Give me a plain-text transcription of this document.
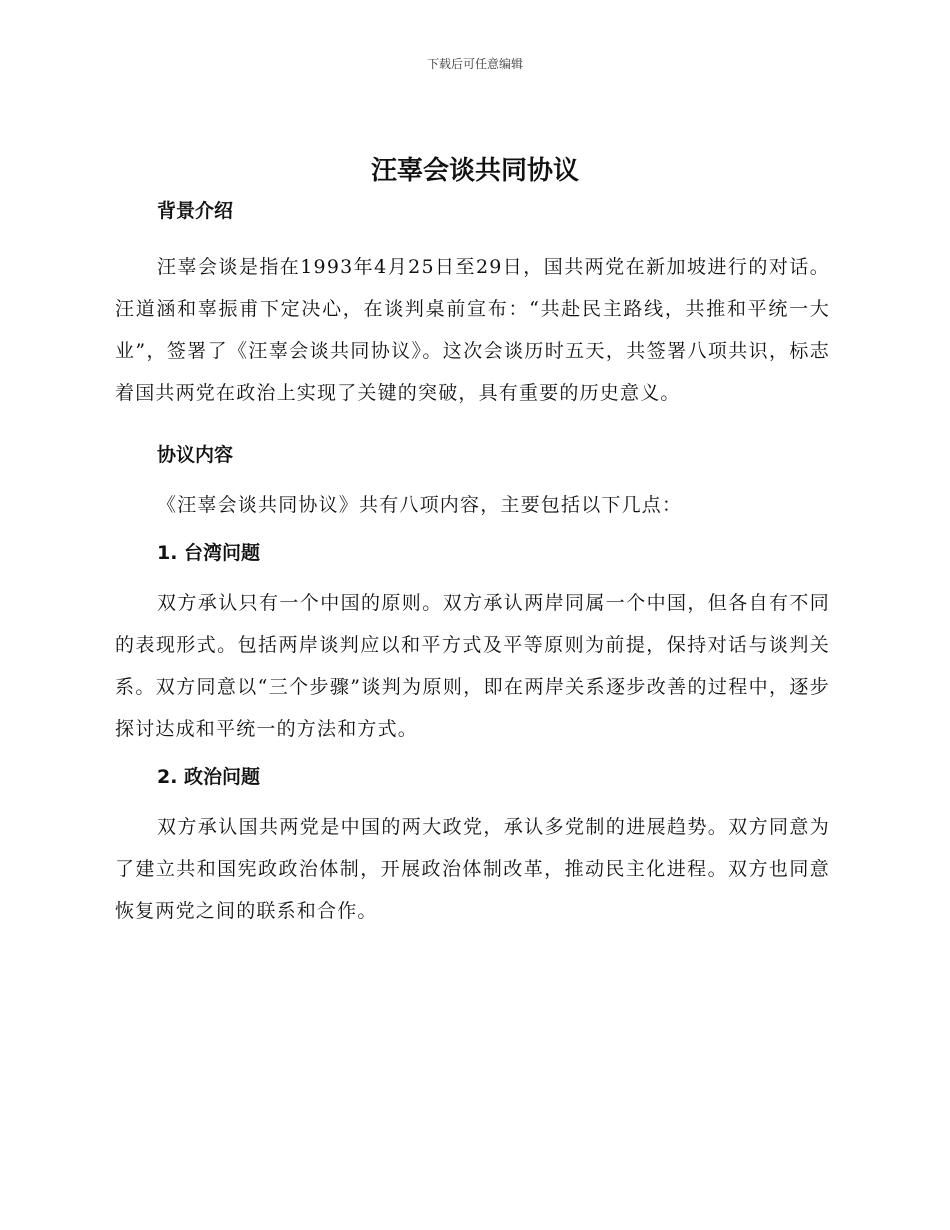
下载后可任意编辑
汪辜会谈共同协议
背景介绍

汪辜会谈是指在1993年4月25日至29日，国共两党在新加坡进行的对话。汪道涵和辜振甫下定决心，在谈判桌前宣布：“共赴民主路线，共推和平统一大业”，签署了《汪辜会谈共同协议》。这次会谈历时五天，共签署八项共识，标志着国共两党在政治上实现了关键的突破，具有重要的历史意义。

协议内容

《汪辜会谈共同协议》共有八项内容，主要包括以下几点：

1. 台湾问题

双方承认只有一个中国的原则。双方承认两岸同属一个中国，但各自有不同的表现形式。包括两岸谈判应以和平方式及平等原则为前提，保持对话与谈判关系。双方同意以“三个步骤”谈判为原则，即在两岸关系逐步改善的过程中，逐步探讨达成和平统一的方法和方式。

2. 政治问题

双方承认国共两党是中国的两大政党，承认多党制的进展趋势。双方同意为了建立共和国宪政政治体制，开展政治体制改革，推动民主化进程。双方也同意恢复两党之间的联系和合作。
